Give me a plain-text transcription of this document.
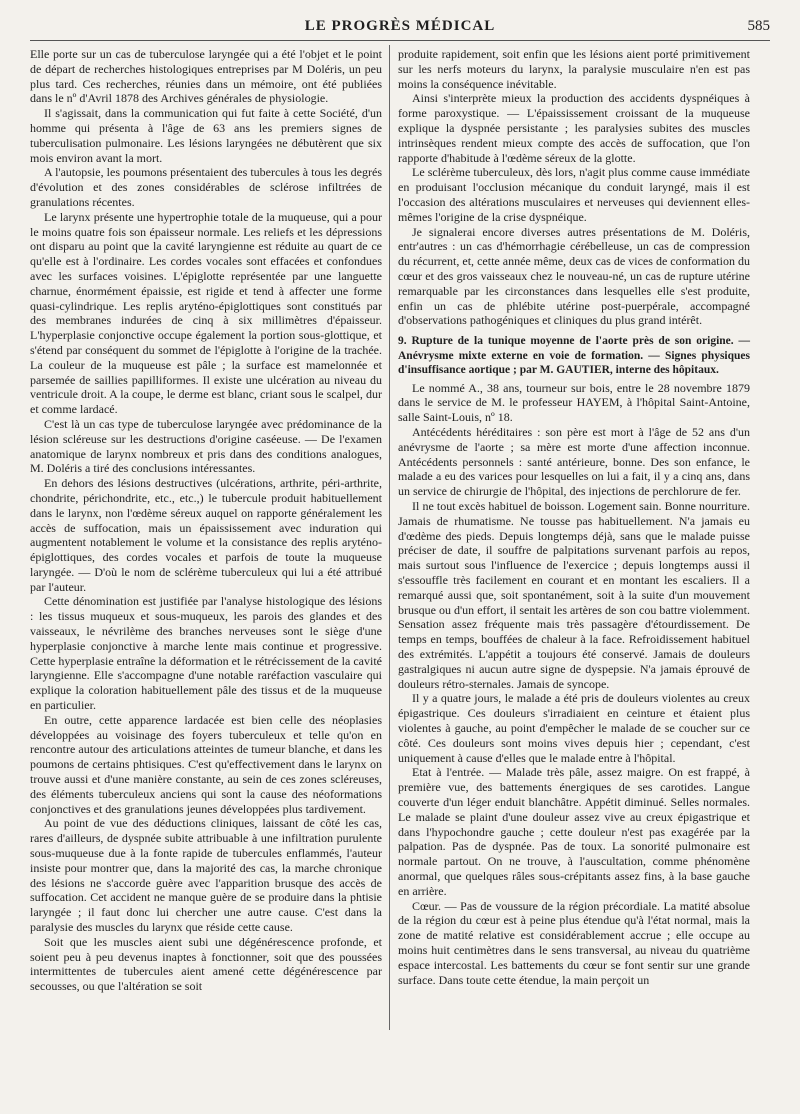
LE PROGRÈS MÉDICAL	585

Elle porte sur un cas de tuberculose laryngée qui a été l'objet et le point de départ de recherches histologiques entreprises par M Doléris, un peu plus tard. Ces recherches, réunies dans un mémoire, ont été publiées dans le nº d'Avril 1878 des Archives générales de physiologie.

Il s'agissait, dans la communication qui fut faite à cette Société, d'un homme qui présenta à l'âge de 63 ans les premiers signes de tuberculisation pulmonaire. Les lésions laryngées ne débutèrent que six mois environ avant la mort.

A l'autopsie, les poumons présentaient des tubercules à tous les degrés d'évolution et des zones considérables de sclérose infiltrées de granulations récentes.

Le larynx présente une hypertrophie totale de la muqueuse, qui a pour le moins quatre fois son épaisseur normale. Les reliefs et les dépressions ont disparu au point que la cavité laryngienne est réduite au quart de ce qu'elle est à l'ordinaire. Les cordes vocales sont effacées et confondues avec les surfaces voisines. L'épiglotte représentée par une languette charnue, énormément épaissie, est rigide et tend à affecter une forme quasi-cylindrique. Les replis aryténo-épiglottiques sont constitués par des membranes indurées de cinq à six millimètres d'épaisseur. L'hyperplasie conjonctive occupe également la portion sous-glottique, et s'étend par conséquent du sommet de l'épiglotte à l'origine de la trachée. La couleur de la muqueuse est pâle ; la surface est mamelonnée et parsemée de saillies papilliformes. Il existe une ulcération au niveau du ventricule droit. A la coupe, le derme est blanc, criant sous le scalpel, dur et comme lardacé.

C'est là un cas type de tuberculose laryngée avec prédominance de la lésion scléreuse sur les destructions d'origine caséeuse. — De l'examen anatomique de larynx nombreux et pris dans des conditions analogues, M. Doléris a tiré des conclusions intéressantes.

En dehors des lésions destructives (ulcérations, arthrite, péri-arthrite, chondrite, périchondrite, etc., etc.,) le tubercule produit habituellement dans le larynx, non l'œdème séreux auquel on rapporte généralement les accès de suffocation, mais un épaississement avec induration qui augmentent notablement le volume et la consistance des replis aryténo-épiglottiques, des cordes vocales et parfois de toute la muqueuse laryngée. — D'où le nom de sclérème tuberculeux qui lui a été attribué par l'auteur.

Cette dénomination est justifiée par l'analyse histologique des lésions : les tissus muqueux et sous-muqueux, les parois des glandes et des vaisseaux, le névrilème des branches nerveuses sont le siège d'une hyperplasie conjonctive à marche lente mais continue et progressive. Cette hyperplasie entraîne la déformation et le rétrécissement de la cavité laryngienne. Elle s'accompagne d'une notable raréfaction vasculaire qui explique la coloration habituellement pâle des tissus et de la muqueuse en particulier.

En outre, cette apparence lardacée est bien celle des néoplasies développées au voisinage des foyers tuberculeux et telle qu'on en rencontre autour des articulations atteintes de tumeur blanche, et dans les poumons de certains phtisiques. C'est qu'effectivement dans le larynx on trouve aussi et d'une manière constante, au sein de ces zones scléreuses, des éléments tuberculeux anciens qui sont la cause des néoformations conjonctives et des granulations jeunes développées plus tardivement.

Au point de vue des déductions cliniques, laissant de côté les cas, rares d'ailleurs, de dyspnée subite attribuable à une infiltration purulente sous-muqueuse due à la fonte rapide de tubercules enflammés, l'auteur insiste pour montrer que, dans la majorité des cas, la marche chronique des lésions ne s'accorde guère avec l'apparition brusque des accès de suffocation. Cet accident ne manque guère de se produire dans la phtisie laryngée ; il faut donc lui chercher une autre cause. C'est dans la paralysie des muscles du larynx que réside cette cause.

Soit que les muscles aient subi une dégénérescence profonde, et soient peu à peu devenus inaptes à fonctionner, soit que des poussées intermittentes de tubercules aient amené cette dégénérescence par secousses, ou que l'altération se soit

produite rapidement, soit enfin que les lésions aient porté primitivement sur les nerfs moteurs du larynx, la paralysie musculaire n'en est pas moins la conséquence inévitable.

Ainsi s'interprète mieux la production des accidents dyspnéiques à forme paroxystique. — L'épaississement croissant de la muqueuse explique la dyspnée persistante ; les paralysies subites des muscles intrinsèques rendent mieux compte des accès de suffocation, que l'on rapporte d'habitude à l'œdème séreux de la glotte.

Le sclérème tuberculeux, dès lors, n'agit plus comme cause immédiate en produisant l'occlusion mécanique du conduit laryngé, mais il est l'occasion des altérations musculaires et nerveuses qui deviennent elles-mêmes l'origine de la crise dyspnéique.

Je signalerai encore diverses autres présentations de M. Doléris, entr'autres : un cas d'hémorrhagie cérébelleuse, un cas de compression du récurrent, et, cette année même, deux cas de vices de conformation du cœur et des gros vaisseaux chez le nouveau-né, un cas de rupture utérine remarquable par les circonstances dans lesquelles elle s'est produite, enfin un cas de phlébite utérine post-puerpérale, accompagné d'observations pathogéniques et cliniques du plus grand intérêt.

9. Rupture de la tunique moyenne de l'aorte près de son origine. — Anévrysme mixte externe en voie de formation. — Signes physiques d'insuffisance aortique ; par M. GAUTIER, interne des hôpitaux.

Le nommé A., 38 ans, tourneur sur bois, entre le 28 novembre 1879 dans le service de M. le professeur HAYEM, à l'hôpital Saint-Antoine, salle Saint-Louis, nº 18.

Antécédents héréditaires : son père est mort à l'âge de 52 ans d'un anévrysme de l'aorte ; sa mère est morte d'une affection inconnue. Antécédents personnels : santé antérieure, bonne. Des son enfance, le malade a eu des varices pour lesquelles on lui a fait, il y a cinq ans, dans un service de chirurgie de l'hôpital, des injections de perchlorure de fer.

Il ne tout excès habituel de boisson. Logement sain. Bonne nourriture. Jamais de rhumatisme. Ne tousse pas habituellement. N'a jamais eu d'œdème des pieds. Depuis longtemps déjà, sans que le malade puisse préciser de date, il souffre de palpitations survenant parfois au repos, mais surtout sous l'influence de l'exercice ; depuis longtemps aussi il s'essouffle très facilement en courant et en montant les escaliers. Il a remarqué aussi que, soit spontanément, soit à la suite d'un mouvement brusque ou d'un effort, il sentait les artères de son cou battre violemment. Sensation assez fréquente mais très passagère d'étourdissement. De temps en temps, bouffées de chaleur à la face. Refroidissement habituel des extrémités. L'appétit a toujours été conservé. Jamais de douleurs gastralgiques ni aucun autre signe de dyspepsie. N'a jamais éprouvé de douleurs rétro-sternales. Jamais de syncope.

Il y a quatre jours, le malade a été pris de douleurs violentes au creux épigastrique. Ces douleurs s'irradiaient en ceinture et étaient plus violentes à gauche, au point d'empêcher le malade de se coucher sur ce côté. Ces douleurs sont moins vives depuis hier ; cependant, c'est uniquement à cause d'elles que le malade entre à l'hôpital.

Etat à l'entrée. — Malade très pâle, assez maigre. On est frappé, à première vue, des battements énergiques de ses carotides. Langue couverte d'un léger enduit blanchâtre. Appétit diminué. Selles normales. Le malade se plaint d'une douleur assez vive au creux épigastrique et dans l'hypochondre gauche ; cette douleur n'est pas exagérée par la palpation. Pas de dyspnée. Pas de toux. La sonorité pulmonaire est normale partout. On ne trouve, à l'auscultation, comme phénomène anormal, que quelques râles sous-crépitants assez fins, à la base gauche en arrière.

Cœur. — Pas de voussure de la région précordiale. La matité absolue de la région du cœur est à peine plus étendue qu'à l'état normal, mais la zone de matité relative est considérablement accrue ; elle occupe au moins huit centimètres dans le sens transversal, au niveau du quatrième espace intercostal. Les battements du cœur se font sentir sur une grande surface. Dans toute cette étendue, la main perçoit un
